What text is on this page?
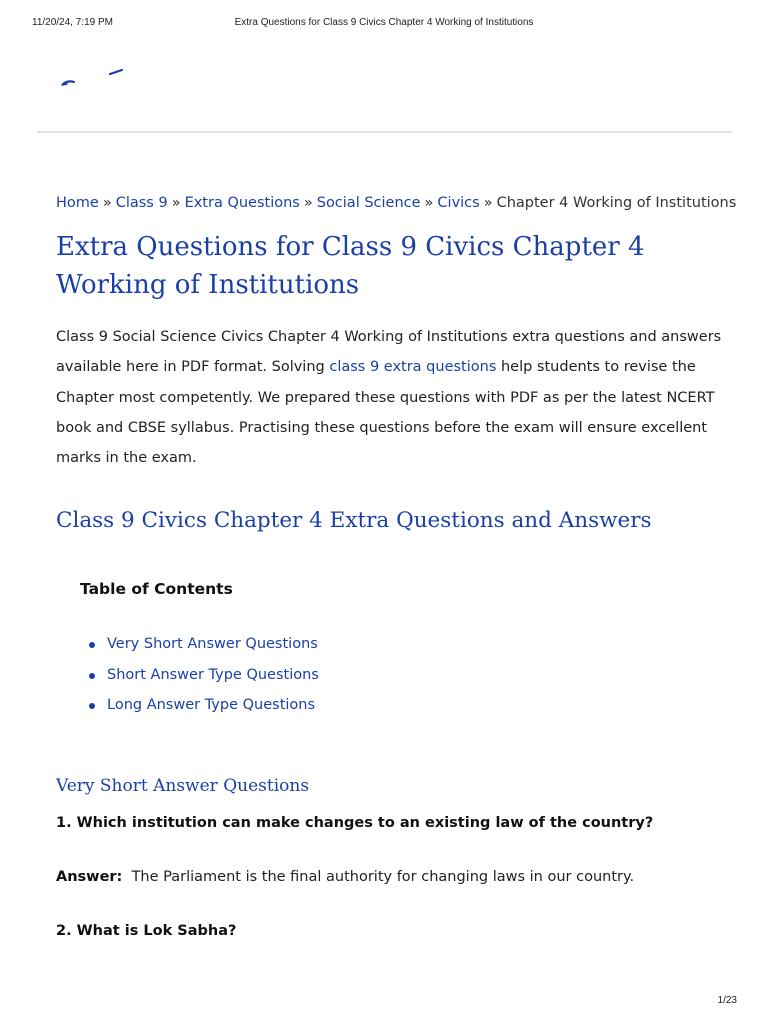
11/20/24, 7:19 PM	Extra Questions for Class 9 Civics Chapter 4 Working of Institutions

Home » Class 9 » Extra Questions » Social Science » Civics » Chapter 4 Working of Institutions

Extra Questions for Class 9 Civics Chapter 4 Working of Institutions

Class 9 Social Science Civics Chapter 4 Working of Institutions extra questions and answers available here in PDF format. Solving class 9 extra questions help students to revise the Chapter most competently. We prepared these questions with PDF as per the latest NCERT book and CBSE syllabus. Practising these questions before the exam will ensure excellent marks in the exam.

Class 9 Civics Chapter 4 Extra Questions and Answers

Table of Contents

Very Short Answer Questions
Short Answer Type Questions
Long Answer Type Questions
Very Short Answer Questions

1. Which institution can make changes to an existing law of the country?

Answer: The Parliament is the final authority for changing laws in our country.

2. What is Lok Sabha?

1/23
